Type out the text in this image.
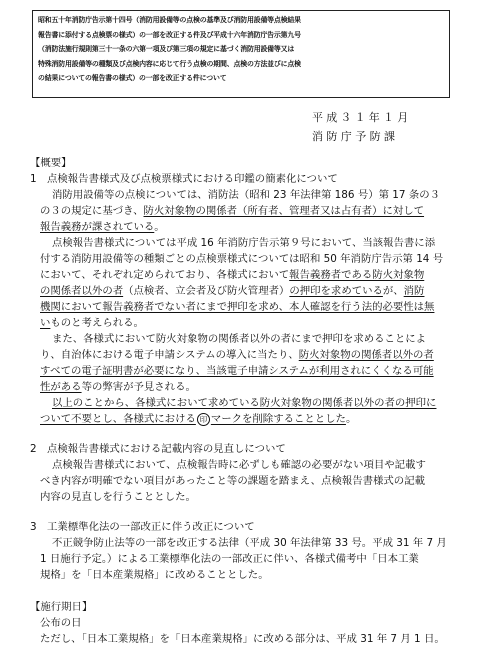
昭和五十年消防庁告示第十四号（消防用設備等の点検の基準及び消防用設備等点検結果
報告書に添付する点検票の様式）の一部を改正する件及び平成十六年消防庁告示第九号
（消防法施行規則第三十一条の六第一項及び第三項の規定に基づく消防用設備等又は
特殊消防用設備等の種類及び点検内容に応じて行う点検の期間、点検の方法並びに点検
の結果についての報告書の様式）の一部を改正する件について
平成３１年１月
消防庁予防課
【概要】
1　点検報告書様式及び点検票様式における印鑑の簡素化について
消防用設備等の点検については、消防法（昭和 23 年法律第 186 号）第 17 条の３
の３の規定に基づき、防火対象物の関係者（所有者、管理者又は占有者）に対して
報告義務が課されている。
点検報告書様式については平成 16 年消防庁告示第９号において、当該報告書に添
付する消防用設備等の種類ごとの点検票様式については昭和 50 年消防庁告示第 14 号
において、それぞれ定められており、各様式において報告義務者である防火対象物
の関係者以外の者（点検者、立会者及び防火管理者）の押印を求めているが、消防
機関において報告義務者でない者にまで押印を求め、本人確認を行う法的必要性は無
いものと考えられる。
また、各様式において防火対象物の関係者以外の者にまで押印を求めることによ
り、自治体における電子申請システムの導入に当たり、防火対象物の関係者以外の者
すべての電子証明書が必要になり、当該電子申請システムが利用されにくくなる可能
性がある等の弊害が予見される。
以上のことから、各様式において求めている防火対象物の関係者以外の者の押印に
ついて不要とし、各様式における 印 マークを削除することとした。
2　点検報告書様式における記載内容の見直しについて
点検報告書様式において、点検報告時に必ずしも確認の必要がない項目や記載す
べき内容が明確でない項目があったこと等の課題を踏まえ、点検報告書様式の記載
内容の見直しを行うこととした。
3　工業標準化法の一部改正に伴う改正について
不正競争防止法等の一部を改正する法律（平成 30 年法律第 33 号。平成 31 年 7 月
1 日施行予定。）による工業標準化法の一部改正に伴い、各様式備考中「日本工業
規格」を「日本産業規格」に改めることとした。
【施行期日】
公布の日
ただし、「日本工業規格」を「日本産業規格」に改める部分は、平成 31 年 7 月 1 日。
